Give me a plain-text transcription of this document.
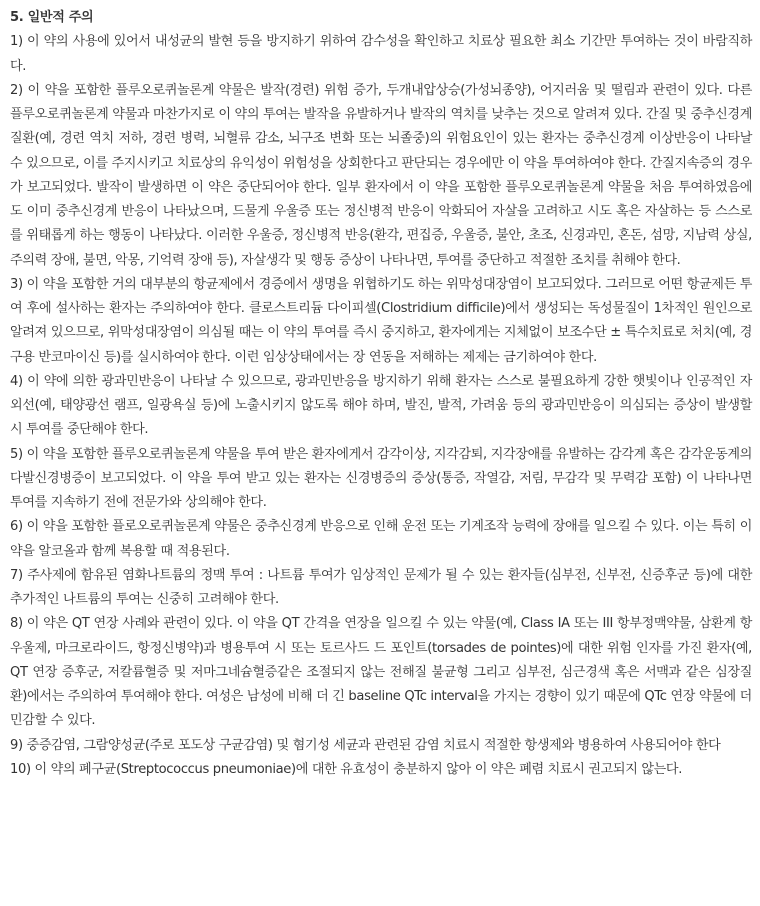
5. 일반적 주의
1) 이 약의 사용에 있어서 내성균의 발현 등을 방지하기 위하여 감수성을 확인하고 치료상 필요한 최소 기간만 투여하는 것이 바람직하다.
2) 이 약을 포함한 플루오로퀴놀론계 약물은 발작(경련) 위험 증가, 두개내압상승(가성뇌종양), 어지러움 및 떨림과 관련이 있다. 다른 플루오로퀴놀론계 약물과 마찬가지로 이 약의 투여는 발작을 유발하거나 발작의 역치를 낮추는 것으로 알려져 있다. 간질 및 중추신경계 질환(예, 경련 역치 저하, 경련 병력, 뇌혈류 감소, 뇌구조 변화 또는 뇌졸중)의 위험요인이 있는 환자는 중추신경계 이상반응이 나타날 수 있으므로, 이를 주지시키고 치료상의 유익성이 위험성을 상회한다고 판단되는 경우에만 이 약을 투여하여야 한다. 간질지속증의 경우가 보고되었다. 발작이 발생하면 이 약은 중단되어야 한다. 일부 환자에서 이 약을 포함한 플루오로퀴놀론계 약물을 처음 투여하였음에도 이미 중추신경계 반응이 나타났으며, 드물게 우울증 또는 정신병적 반응이 악화되어 자살을 고려하고 시도 혹은 자살하는 등 스스로를 위태롭게 하는 행동이 나타났다. 이러한 우울증, 정신병적 반응(환각, 편집증, 우울증, 불안, 초조, 신경과민, 혼돈, 섬망, 지남력 상실, 주의력 장애, 불면, 악몽, 기억력 장애 등), 자살생각 및 행동 증상이 나타나면, 투여를 중단하고 적절한 조치를 취해야 한다.
3) 이 약을 포함한 거의 대부분의 항균제에서 경증에서 생명을 위협하기도 하는 위막성대장염이 보고되었다. 그러므로 어떤 항균제든 투여 후에 설사하는 환자는 주의하여야 한다. 클로스트리듐 다이피셀(Clostridium difficile)에서 생성되는 독성물질이 1차적인 원인으로 알려져 있으므로, 위막성대장염이 의심될 때는 이 약의 투여를 즉시 중지하고, 환자에게는 지체없이 보조수단 ± 특수치료로 처치(예, 경구용 반코마이신 등)를 실시하여야 한다. 이런 임상상태에서는 장 연동을 저해하는 제제는 금기하여야 한다.
4) 이 약에 의한 광과민반응이 나타날 수 있으므로, 광과민반응을 방지하기 위해 환자는 스스로 불필요하게 강한 햇빛이나 인공적인 자외선(예, 태양광선 램프, 일광욕실 등)에 노출시키지 않도록 해야 하며, 발진, 발적, 가려움 등의 광과민반응이 의심되는 증상이 발생할 시 투여를 중단해야 한다.
5) 이 약을 포함한 플루오로퀴놀론계 약물을 투여 받은 환자에게서 감각이상, 지각감퇴, 지각장애를 유발하는 감각계 혹은 감각운동계의 다발신경병증이 보고되었다. 이 약을 투여 받고 있는 환자는 신경병증의 증상(통증, 작열감, 저림, 무감각 및 무력감 포함) 이 나타나면 투여를 지속하기 전에 전문가와 상의해야 한다.
6) 이 약을 포함한 플로오로퀴놀론계 약물은 중추신경계 반응으로 인해 운전 또는 기계조작 능력에 장애를 일으킬 수 있다. 이는 특히 이 약을 알코올과 함께 복용할 때 적용된다.
7) 주사제에 함유된 염화나트륨의 정맥 투여 : 나트륨 투여가 임상적인 문제가 될 수 있는 환자들(심부전, 신부전, 신증후군 등)에 대한 추가적인 나트륨의 투여는 신중히 고려해야 한다.
8) 이 약은 QT 연장 사례와 관련이 있다. 이 약을 QT 간격을 연장을 일으킬 수 있는 약물(예, Class IA 또는 III 항부정맥약물, 삼환계 항우울제, 마크로라이드, 항정신병약)과 병용투여 시 또는 토르사드 드 포인트(torsades de pointes)에 대한 위험 인자를 가진 환자(예, QT 연장 증후군, 저칼륨혈증 및 저마그네슘혈증같은 조절되지 않는 전해질 불균형 그리고 심부전, 심근경색 혹은 서맥과 같은 심장질환)에서는 주의하여 투여해야 한다. 여성은 남성에 비해 더 긴 baseline QTc interval을 가지는 경향이 있기 때문에 QTc 연장 약물에 더 민감할 수 있다.
9) 중증감염, 그람양성균(주로 포도상 구균감염) 및 혐기성 세균과 관련된 감염 치료시 적절한 항생제와 병용하여 사용되어야 한다
10) 이 약의 폐구균(Streptococcus pneumoniae)에 대한 유효성이 충분하지 않아 이 약은 폐렴 치료시 권고되지 않는다.
